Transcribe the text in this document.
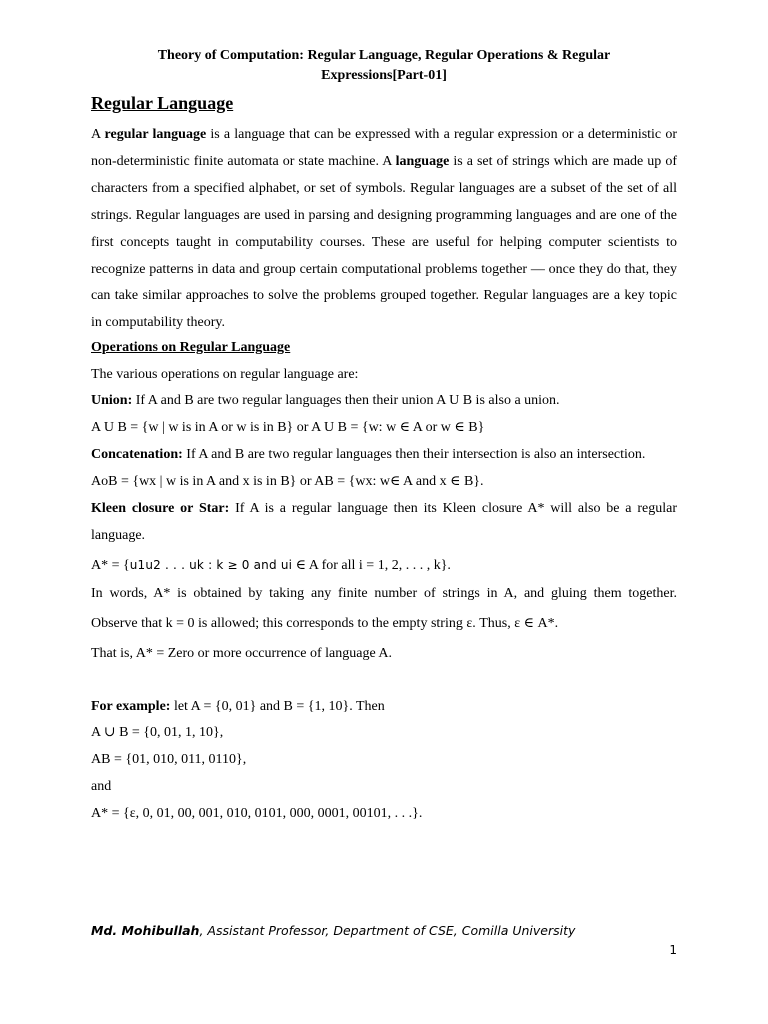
Theory of Computation: Regular Language, Regular Operations & Regular
Expressions[Part-01]
Regular Language
A regular language is a language that can be expressed with a regular expression or a deterministic or non-deterministic finite automata or state machine. A language is a set of strings which are made up of characters from a specified alphabet, or set of symbols. Regular languages are a subset of the set of all strings. Regular languages are used in parsing and designing programming languages and are one of the first concepts taught in computability courses. These are useful for helping computer scientists to recognize patterns in data and group certain computational problems together — once they do that, they can take similar approaches to solve the problems grouped together. Regular languages are a key topic in computability theory.
Operations on Regular Language
The various operations on regular language are:
Union: If A and B are two regular languages then their union A U B is also a union.
A U B = {w | w is in A or w is in B} or A U B = {w: w ∈ A or w ∈ B}
Concatenation: If A and B are two regular languages then their intersection is also an intersection.
AoB = {wx | w is in A and x is in B} or AB = {wx: w∈ A and x ∈ B}.
Kleen closure or Star: If A is a regular language then its Kleen closure A* will also be a regular
language.
A* = {u1u2 . . . uk : k ≥ 0 and ui ∈ A for all i = 1, 2, . . . , k}.
In words, A* is obtained by taking any finite number of strings in A, and gluing them together.
Observe that k = 0 is allowed; this corresponds to the empty string ε. Thus, ε ∈ A*.
That is, A* = Zero or more occurrence of language A.
For example: let A = {0, 01} and B = {1, 10}. Then
A ∪ B = {0, 01, 1, 10},
AB = {01, 010, 011, 0110},
and
A* = {ε, 0, 01, 00, 001, 010, 0101, 000, 0001, 00101, . . .}.
Md. Mohibullah, Assistant Professor, Department of CSE, Comilla University
1
